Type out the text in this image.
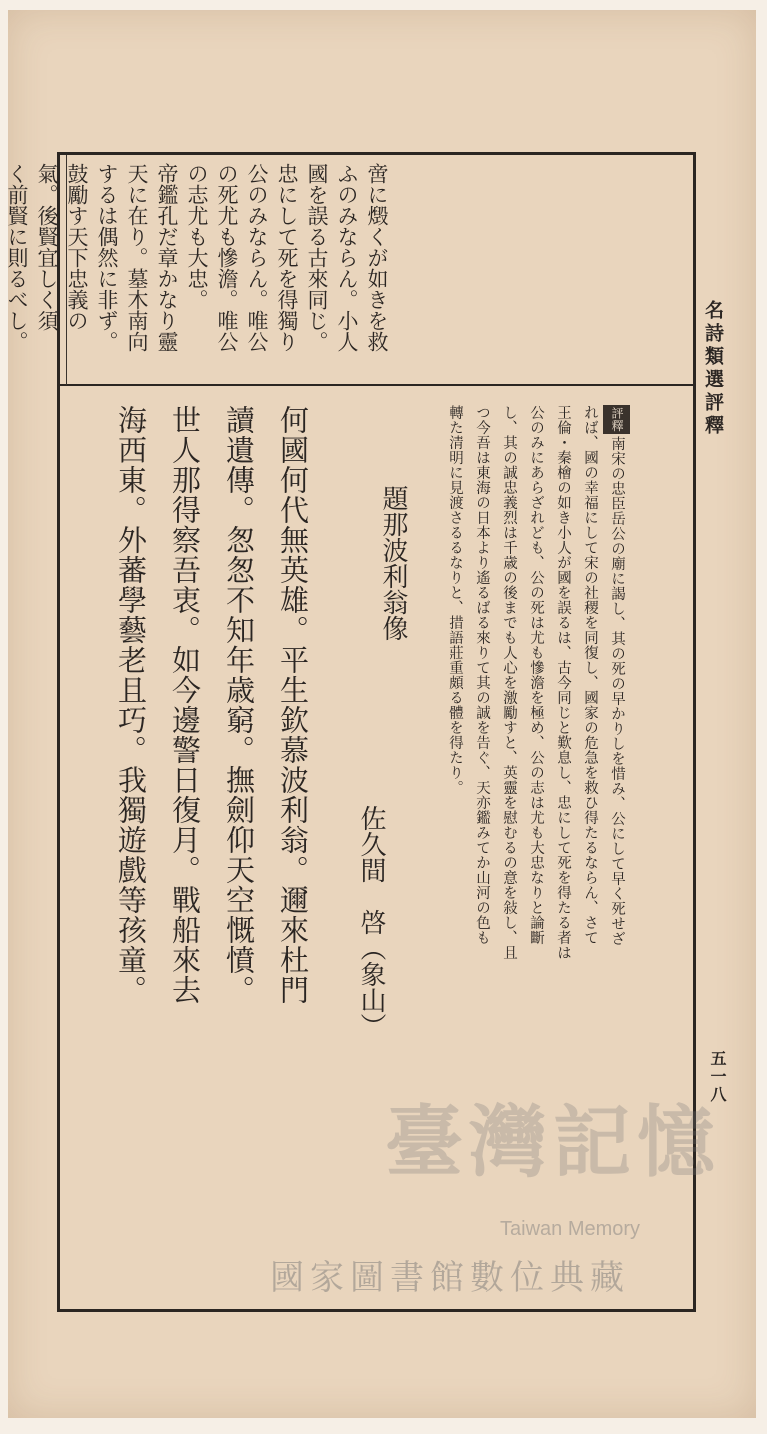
名詩類選評釋
五一八
啻に燬くが如きを救
ふのみならん。小人
國を誤る古來同じ。
忠にして死を得獨り
公のみならん。唯公
の死尤も慘澹。唯公
の志尤も大忠。
帝鑑孔だ章かなり靈
天に在り。墓木南向
するは偶然に非ず。
鼓勵す天下忠義の
氣。後賢宜しく須
く前賢に則るべし。
評釋南宋の忠臣岳公の廟に謁し、其の死の早かりしを惜み、公にして早く死せざ
れば、國の幸福にして宋の社稷を同復し、國家の危急を救ひ得たるならん、さて
王倫・秦檜の如き小人が國を誤るは、古今同じと歎息し、忠にして死を得たる者は
公のみにあらざれども、公の死は尤も慘澹を極め、公の志は尤も大忠なりと論斷
し、其の誠忠義烈は千歳の後までも人心を激勵すと、英靈を慰むるの意を敍し、且
つ今吾は東海の日本より遙るばる來りて其の誠を告ぐ、天亦鑑みてか山河の色も
轉た清明に見渡さるるなりと、措語莊重頗る體を得たり。
題那波利翁像
佐久間　啓（象山）
何國何代無英雄。平生欽慕波利翁。邇來杜門
讀遺傳。怱怱不知年歳窮。撫劍仰天空慨憤。
世人那得察吾衷。如今邊警日復月。戰船來去
海西東。外蕃學藝老且巧。我獨遊戲等孩童。
臺灣記憶
Taiwan Memory
國家圖書館數位典藏
